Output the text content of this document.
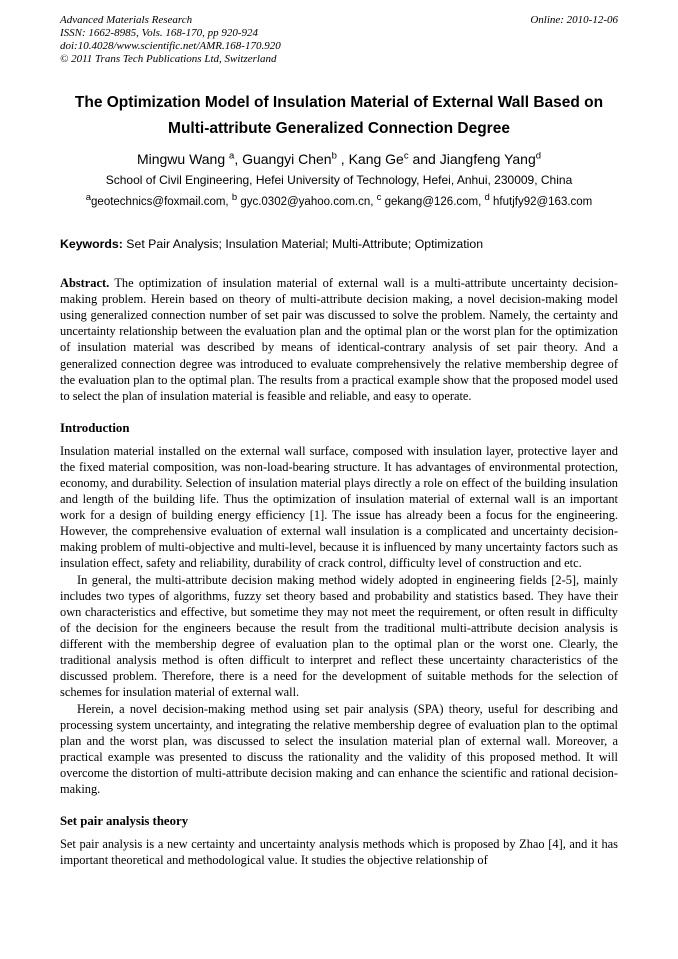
Advanced Materials Research
ISSN: 1662-8985, Vols. 168-170, pp 920-924
doi:10.4028/www.scientific.net/AMR.168-170.920
© 2011 Trans Tech Publications Ltd, Switzerland
Online: 2010-12-06
The Optimization Model of Insulation Material of External Wall Based on Multi-attribute Generalized Connection Degree
Mingwu Wang $^a$, Guangyi Chen$^b$ , Kang Ge$^c$ and Jiangfeng Yang$^d$
School of Civil Engineering, Hefei University of Technology, Hefei, Anhui, 230009, China
$^a$geotechnics@foxmail.com, $^b$ gyc.0302@yahoo.com.cn, $^c$ gekang@126.com, $^d$ hfutjfy92@163.com
Keywords: Set Pair Analysis; Insulation Material; Multi-Attribute; Optimization
Abstract. The optimization of insulation material of external wall is a multi-attribute uncertainty decision-making problem. Herein based on theory of multi-attribute decision making, a novel decision-making model using generalized connection number of set pair was discussed to solve the problem. Namely, the certainty and uncertainty relationship between the evaluation plan and the optimal plan or the worst plan for the optimization of insulation material was described by means of identical-contrary analysis of set pair theory. And a generalized connection degree was introduced to evaluate comprehensively the relative membership degree of the evaluation plan to the optimal plan. The results from a practical example show that the proposed model used to select the plan of insulation material is feasible and reliable, and easy to operate.
Introduction

Insulation material installed on the external wall surface, composed with insulation layer, protective layer and the fixed material composition, was non-load-bearing structure. It has advantages of environmental protection, economy, and durability. Selection of insulation material plays directly a role on effect of the building insulation and length of the building life. Thus the optimization of insulation material of external wall is an important work for a design of building energy efficiency [1]. The issue has already been a focus for the engineering. However, the comprehensive evaluation of external wall insulation is a complicated and uncertainty decision-making problem of multi-objective and multi-level, because it is influenced by many uncertainty factors such as insulation effect, safety and reliability, durability of crack control, difficulty level of construction and etc.

In general, the multi-attribute decision making method widely adopted in engineering fields [2-5], mainly includes two types of algorithms, fuzzy set theory based and probability and statistics based. They have their own characteristics and effective, but sometime they may not meet the requirement, or often result in difficulty of the decision for the engineers because the result from the traditional multi-attribute decision analysis is different with the membership degree of evaluation plan to the optimal plan or the worst one. Clearly, the traditional analysis method is often difficult to interpret and reflect these uncertainty characteristics of the discussed problem. Therefore, there is a need for the development of suitable methods for the selection of schemes for insulation material of external wall.

Herein, a novel decision-making method using set pair analysis (SPA) theory, useful for describing and processing system uncertainty, and integrating the relative membership degree of evaluation plan to the optimal plan and the worst plan, was discussed to select the insulation material plan of external wall. Moreover, a practical example was presented to discuss the rationality and the validity of this proposed method. It will overcome the distortion of multi-attribute decision making and can enhance the scientific and rational decision-making.

Set pair analysis theory

Set pair analysis is a new certainty and uncertainty analysis methods which is proposed by Zhao [4], and it has important theoretical and methodological value. It studies the objective relationship of
